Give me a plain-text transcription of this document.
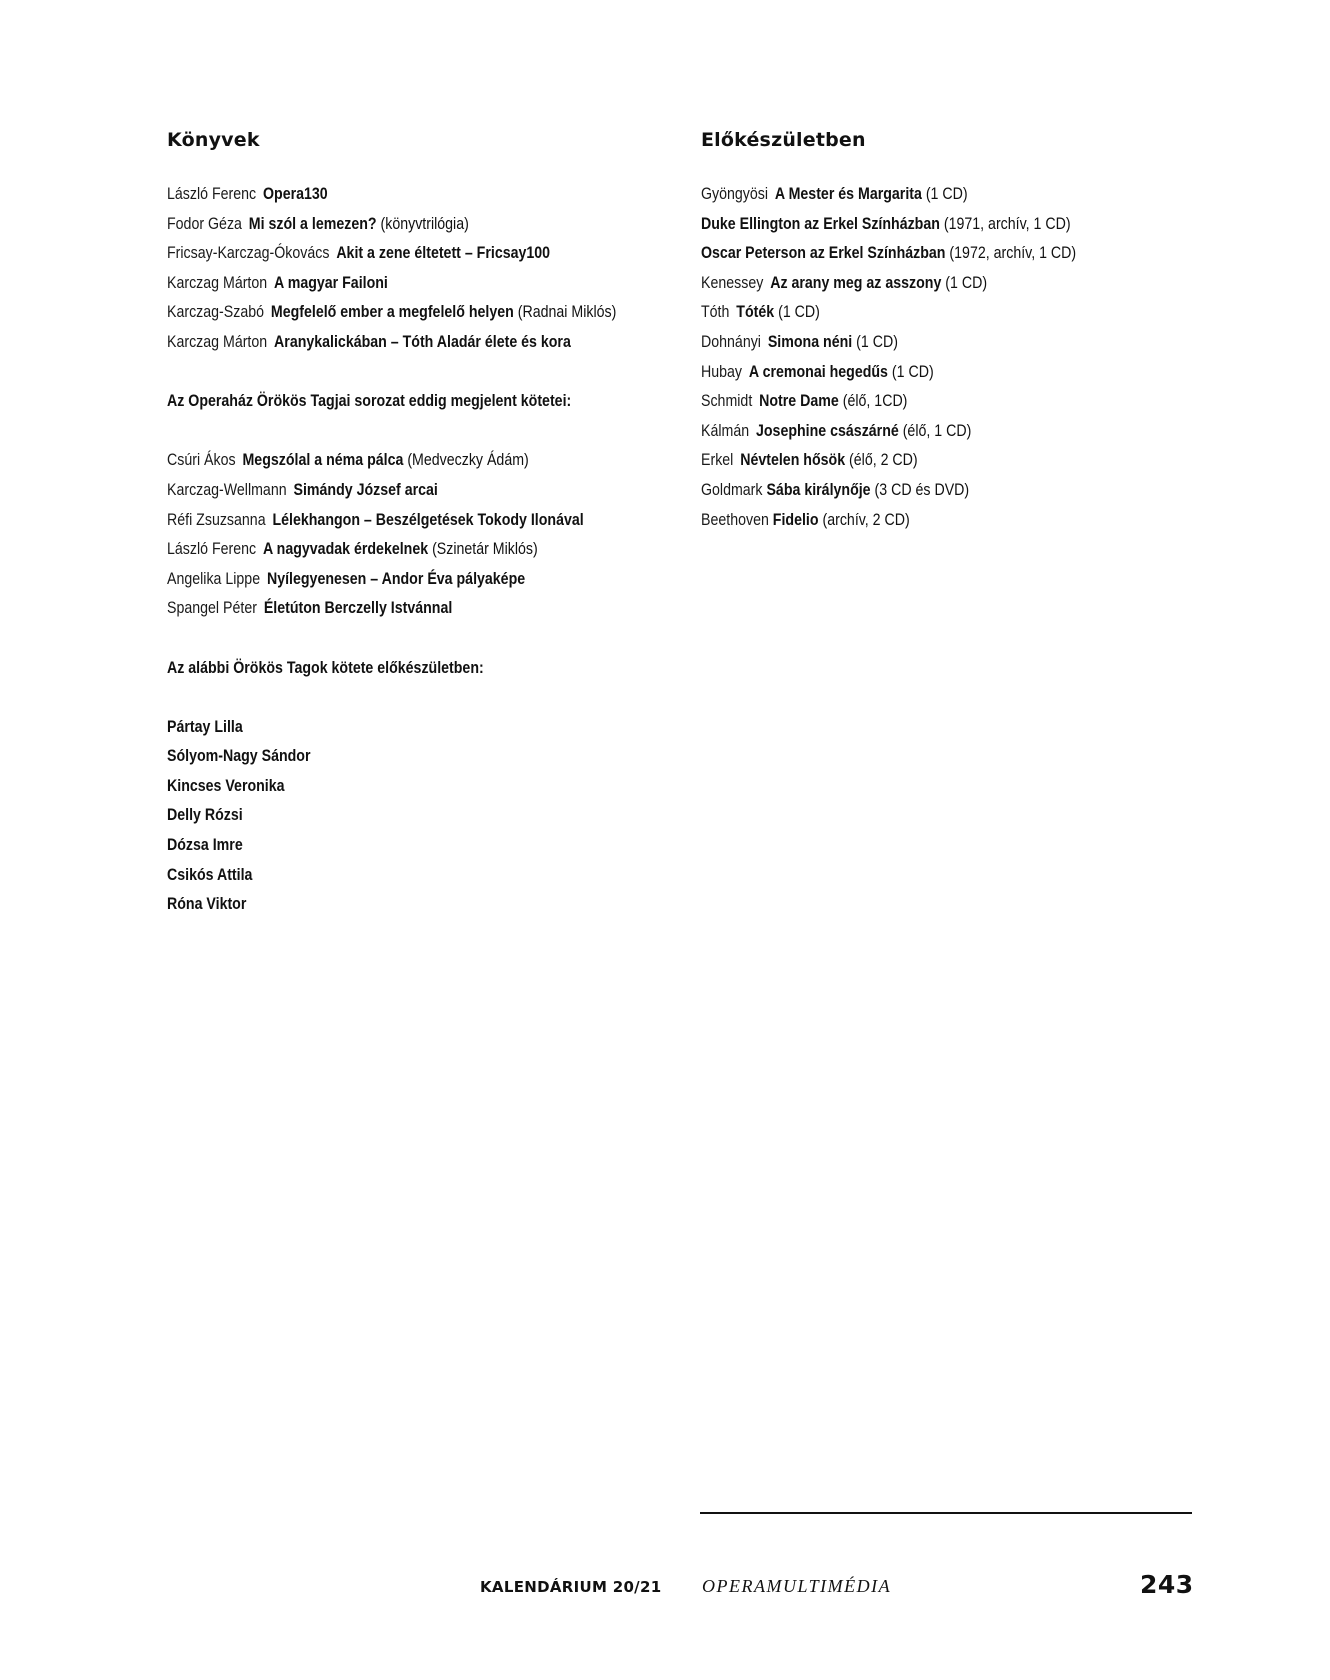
Könyvek
László Ferenc Opera130
Fodor Géza Mi szól a lemezen? (könyvtrilógia)
Fricsay-Karczag-Ókovács Akit a zene éltetett – Fricsay100
Karczag Márton A magyar Failoni
Karczag-Szabó Megfelelő ember a megfelelő helyen (Radnai Miklós)
Karczag Márton Aranykalickában – Tóth Aladár élete és kora
Az Operaház Örökös Tagjai sorozat eddig megjelent kötetei:
Csúri Ákos Megszólal a néma pálca (Medveczky Ádám)
Karczag-Wellmann Simándy József arcai
Réfi Zsuzsanna Lélekhangon – Beszélgetések Tokody Ilonával
László Ferenc A nagyvadak érdekelnek (Szinetár Miklós)
Angelika Lippe Nyílegyenesen – Andor Éva pályaképe
Spangel Péter Életúton Berczelly Istvánnal
Az alábbi Örökös Tagok kötete előkészületben:
Pártay Lilla
Sólyom-Nagy Sándor
Kincses Veronika
Delly Rózsi
Dózsa Imre
Csikós Attila
Róna Viktor
Előkészületben
Gyöngyösi A Mester és Margarita (1 CD)
Duke Ellington az Erkel Színházban (1971, archív, 1 CD)
Oscar Peterson az Erkel Színházban (1972, archív, 1 CD)
Kenessey Az arany meg az asszony (1 CD)
Tóth Tóték (1 CD)
Dohnányi Simona néni (1 CD)
Hubay A cremonai hegedűs (1 CD)
Schmidt Notre Dame (élő, 1CD)
Kálmán Josephine császárné (élő, 1 CD)
Erkel Névtelen hősök (élő, 2 CD)
Goldmark Sába királynője (3 CD és DVD)
Beethoven Fidelio (archív, 2 CD)
KALENDÁRIUM 20/21 OPERAMULTIMÉDIA	243
